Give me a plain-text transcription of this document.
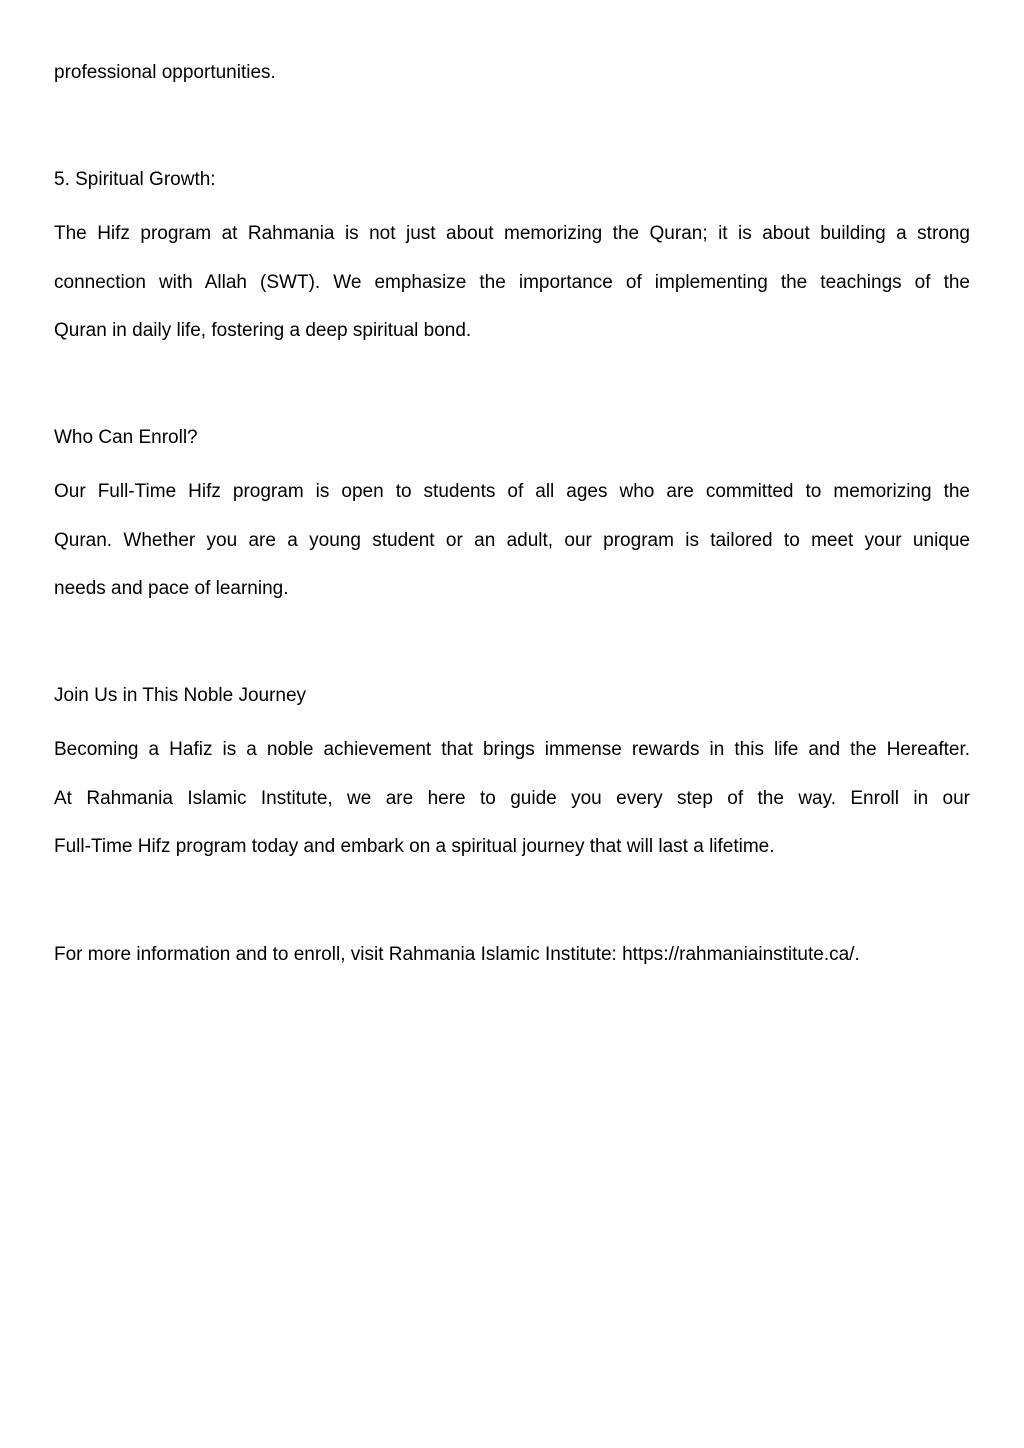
professional opportunities.
5. Spiritual Growth:
The Hifz program at Rahmania is not just about memorizing the Quran; it is about building a strong
connection with Allah (SWT). We emphasize the importance of implementing the teachings of the
Quran in daily life, fostering a deep spiritual bond.
Who Can Enroll?
Our Full-Time Hifz program is open to students of all ages who are committed to memorizing the
Quran. Whether you are a young student or an adult, our program is tailored to meet your unique
needs and pace of learning.
Join Us in This Noble Journey
Becoming a Hafiz is a noble achievement that brings immense rewards in this life and the Hereafter.
At Rahmania Islamic Institute, we are here to guide you every step of the way. Enroll in our
Full-Time Hifz program today and embark on a spiritual journey that will last a lifetime.
For more information and to enroll, visit Rahmania Islamic Institute: https://rahmaniainstitute.ca/.
